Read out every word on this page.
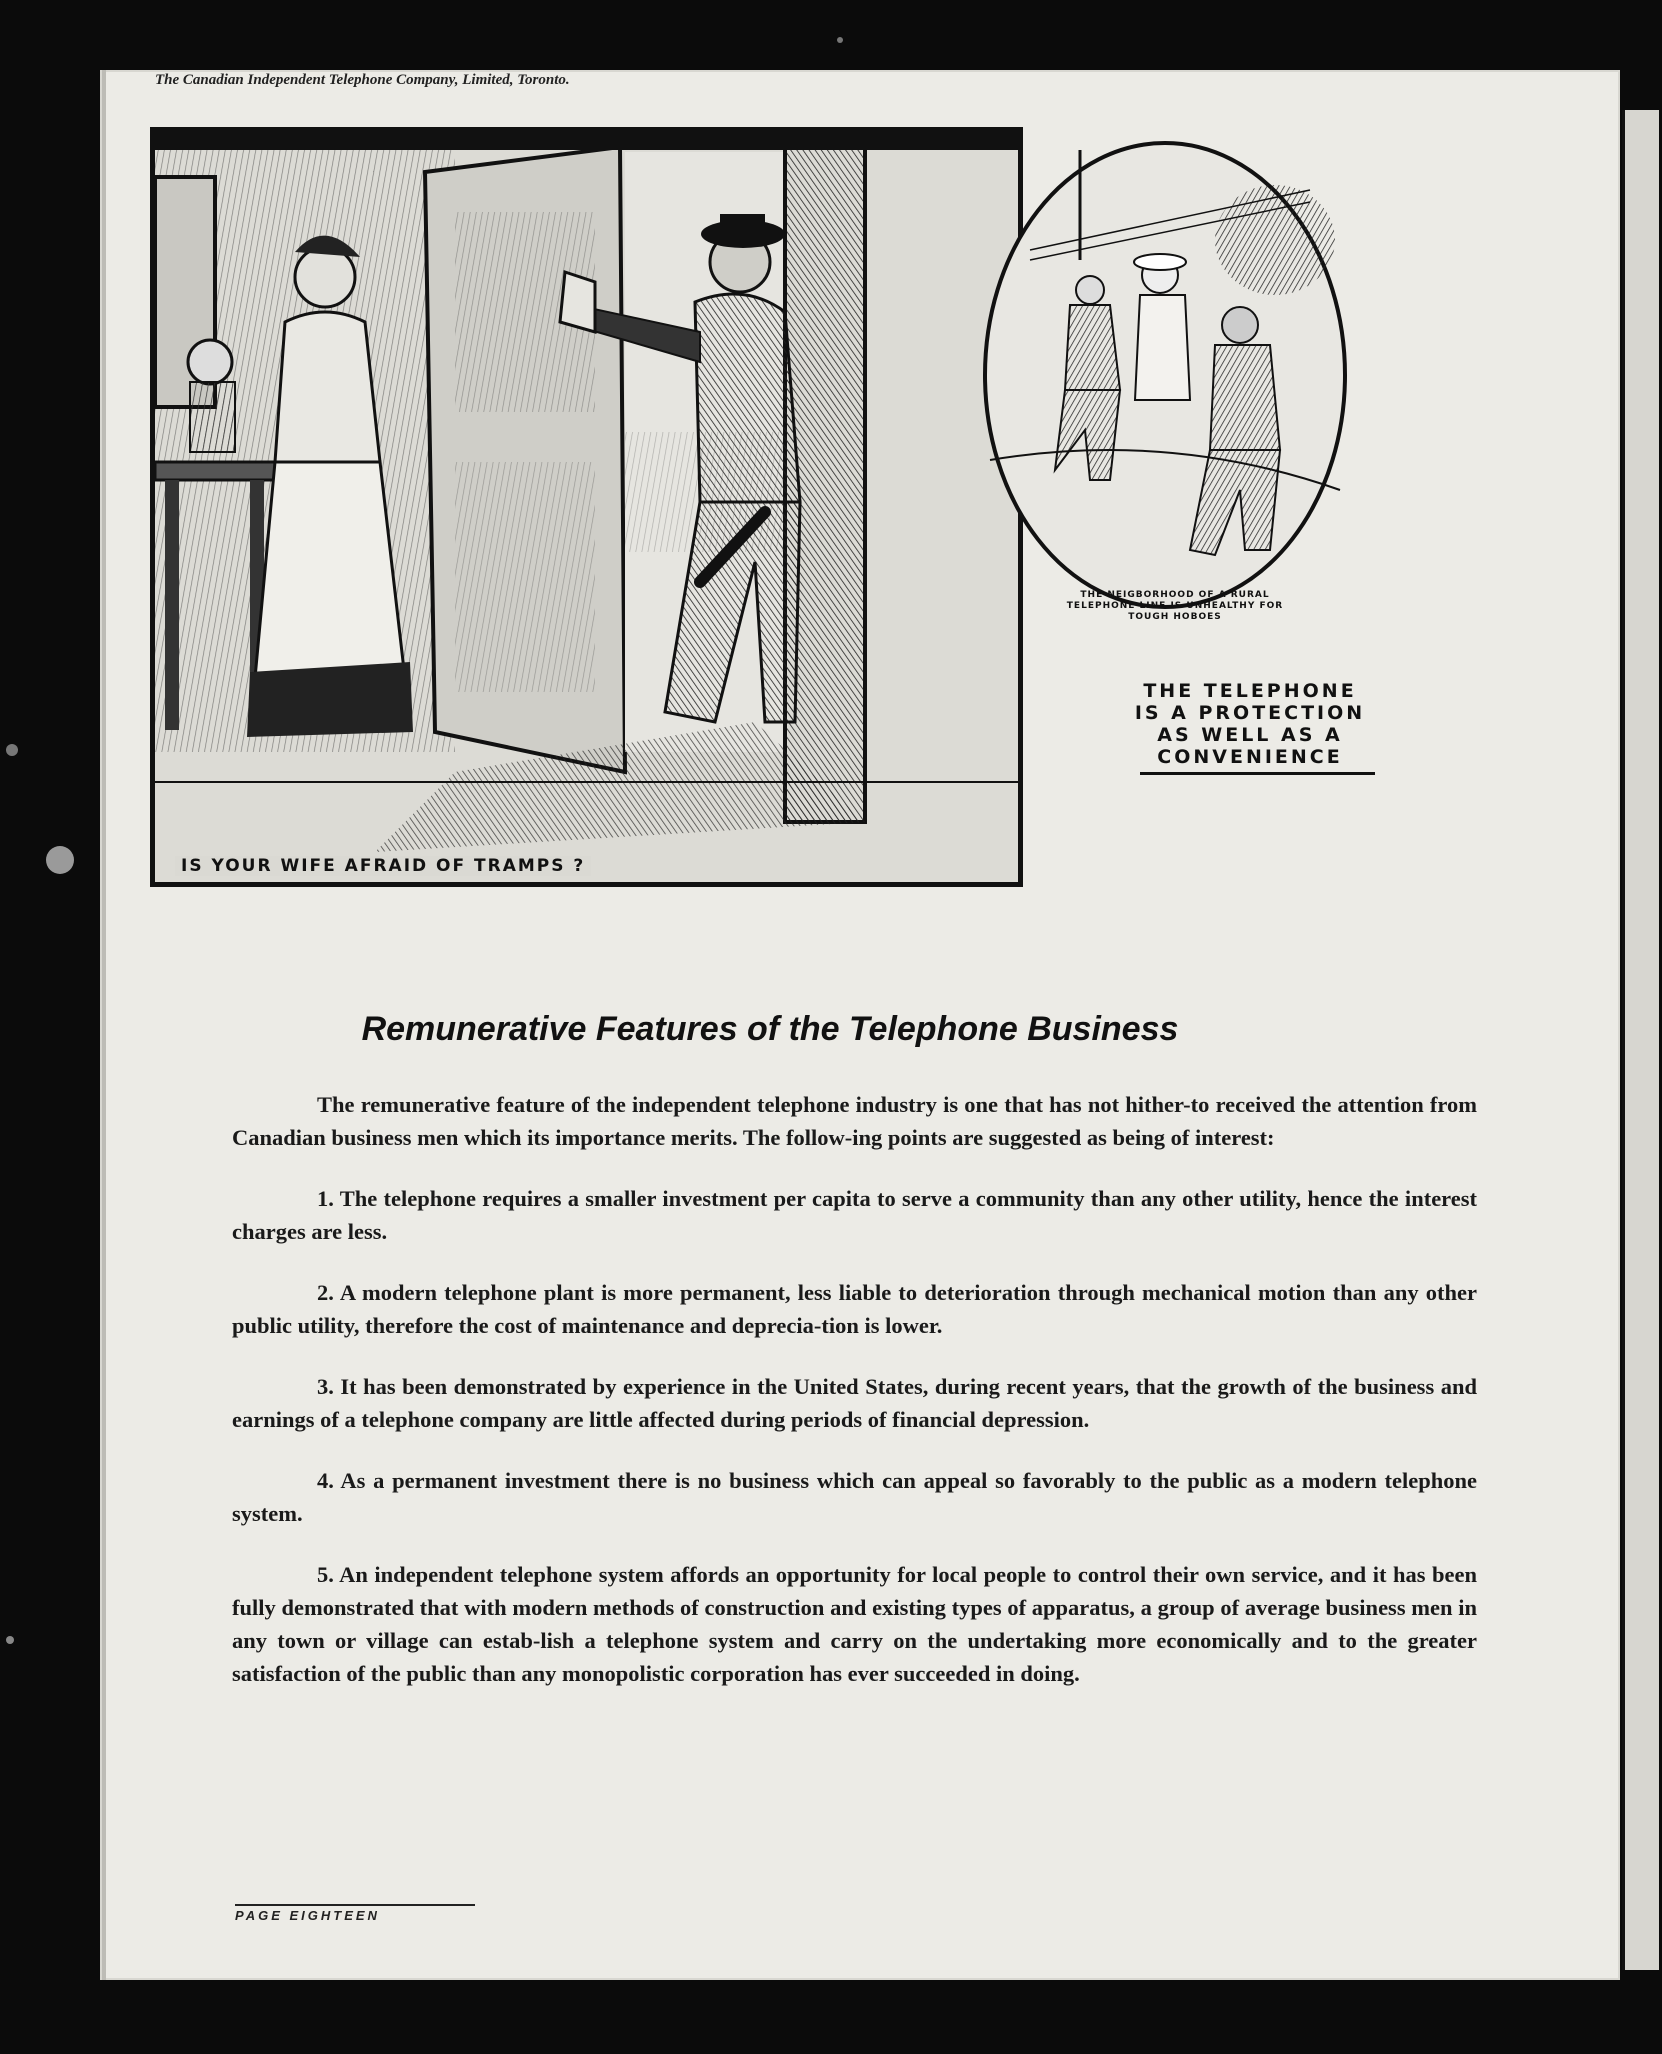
The Canadian Independent Telephone Company, Limited, Toronto.
IS YOUR WIFE AFRAID OF TRAMPS ?
THE NEIGBORHOOD OF A RURAL TELEPHONE LINE IS UNHEALTHY FOR TOUGH HOBOES
THE TELEPHONE
IS A PROTECTION
AS WELL AS A
CONVENIENCE
Remunerative Features of the Telephone Business

The remunerative feature of the independent telephone industry is one that has not hither-to received the attention from Canadian business men which its importance merits. The follow-ing points are suggested as being of interest:

1. The telephone requires a smaller investment per capita to serve a community than any other utility, hence the interest charges are less.

2. A modern telephone plant is more permanent, less liable to deterioration through mechanical motion than any other public utility, therefore the cost of maintenance and deprecia-tion is lower.

3. It has been demonstrated by experience in the United States, during recent years, that the growth of the business and earnings of a telephone company are little affected during periods of financial depression.

4. As a permanent investment there is no business which can appeal so favorably to the public as a modern telephone system.

5. An independent telephone system affords an opportunity for local people to control their own service, and it has been fully demonstrated that with modern methods of construction and existing types of apparatus, a group of average business men in any town or village can estab-lish a telephone system and carry on the undertaking more economically and to the greater satisfaction of the public than any monopolistic corporation has ever succeeded in doing.

PAGE EIGHTEEN
